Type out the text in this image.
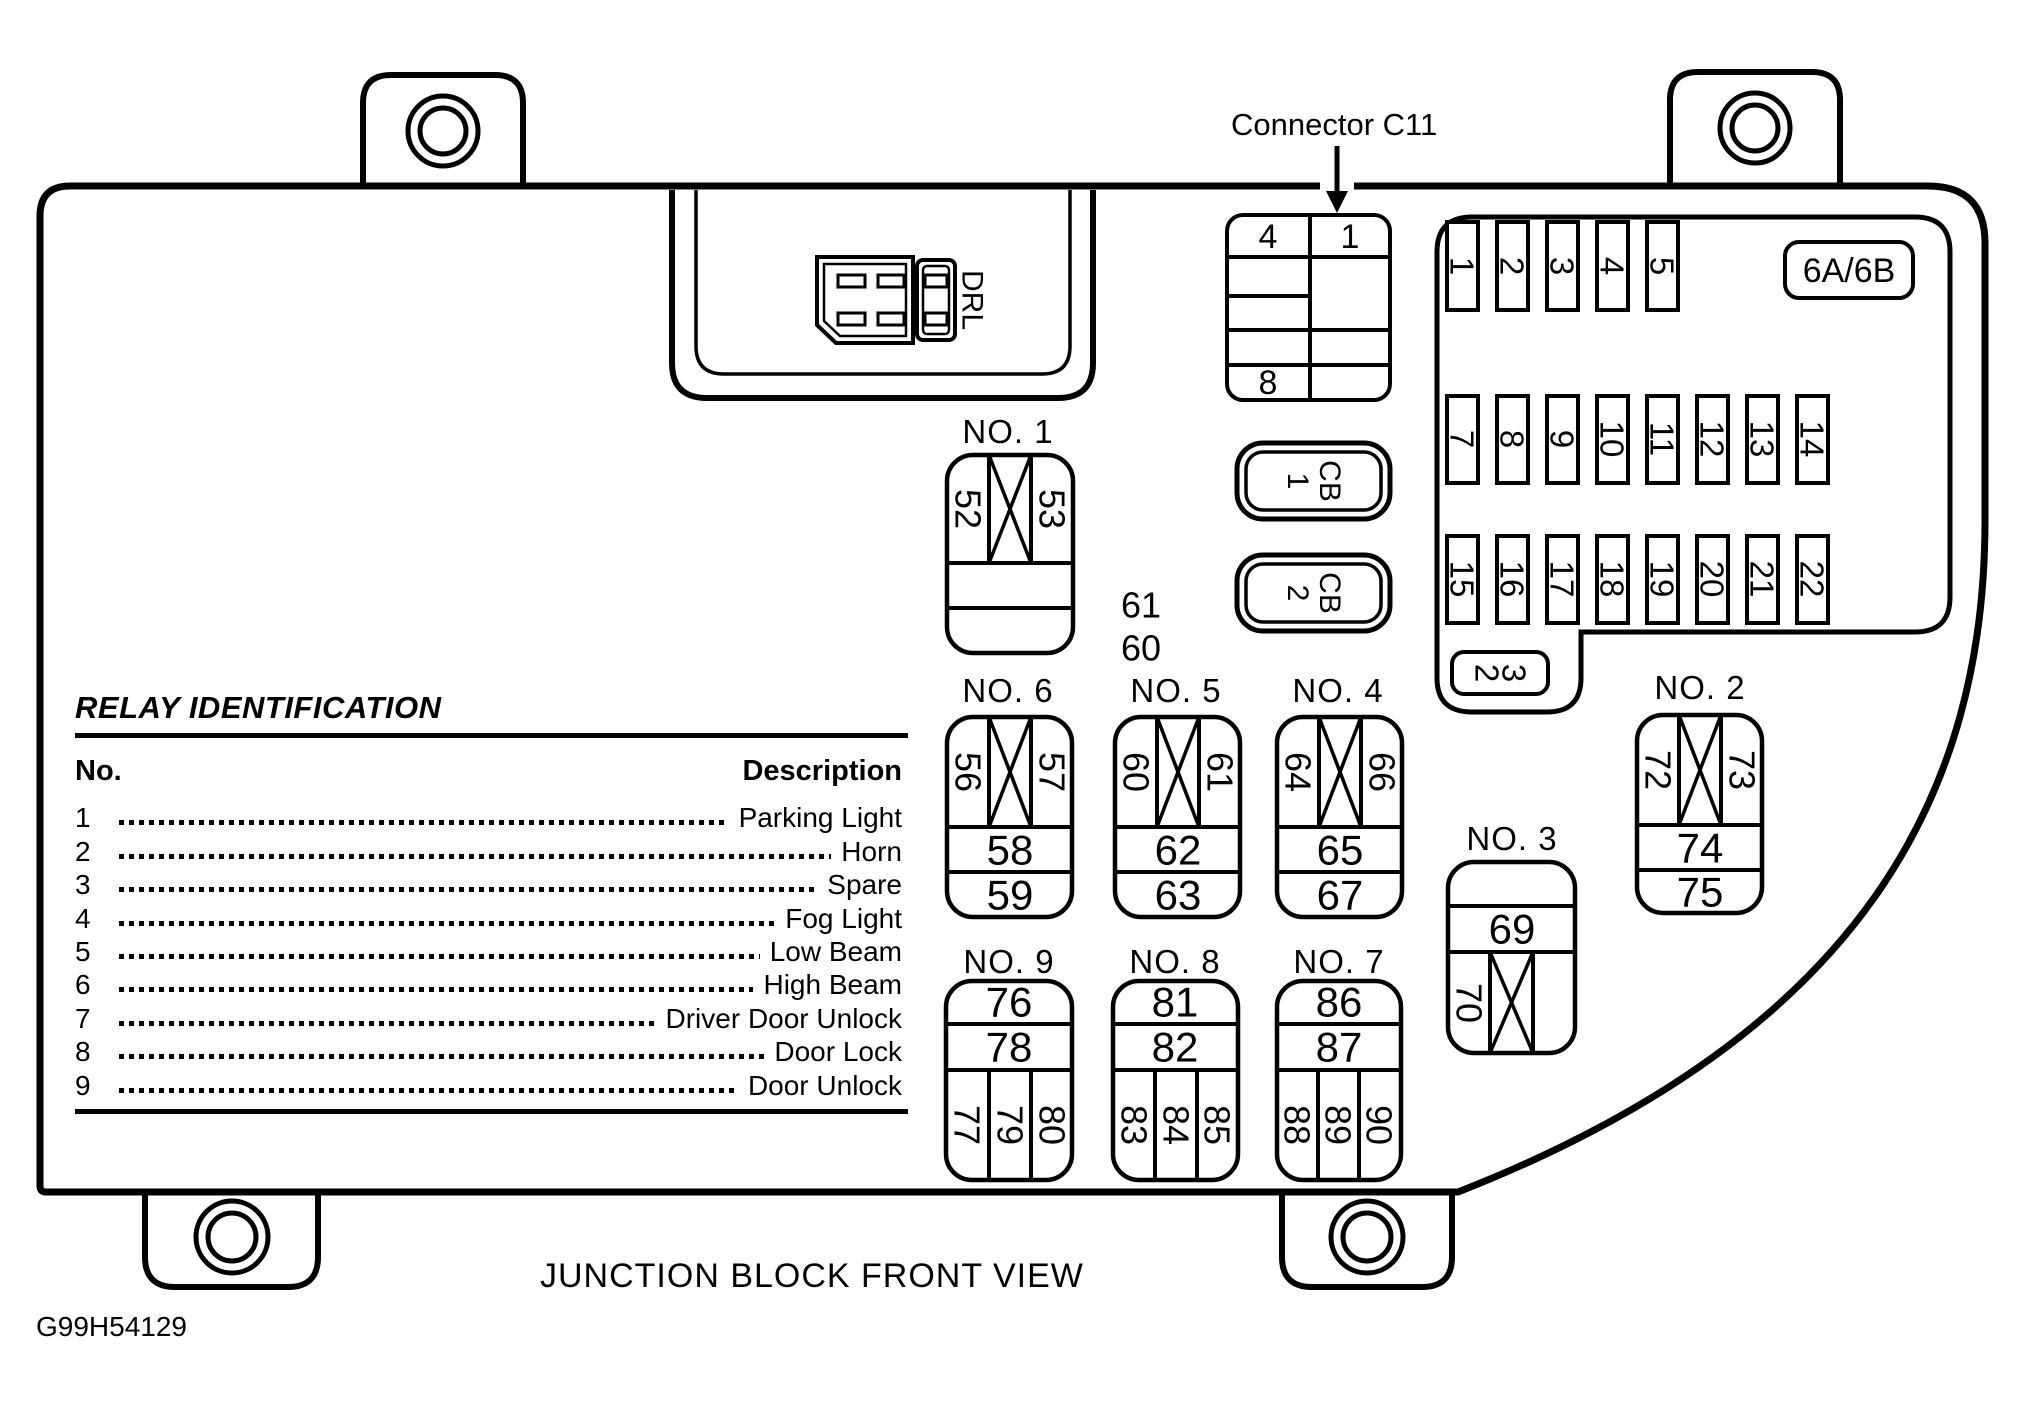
DRL
4 1
8
Connector C11
1 2 3 4 5	6A/6B
7 8 9 10 11 12 13 14
15 16 17 18 19 20 21 22
2
3
CB
1
CB
2
61
60
NO. 1
52 53
NO. 6
56 57
58
59
NO. 5
60 61
62
63
NO. 4
64 66
65
67
NO. 2
72 73
74
75
NO. 3
69
70
NO. 9
76
78
77 79 80
NO. 8
81
82
83 84 85
NO. 7
86
87
88 89 90
RELAY IDENTIFICATION
No.	Description
1	Parking Light
2	Horn
3	Spare
4	Fog Light
5	Low Beam
6	High Beam
7	Driver Door Unlock
8	Door Lock
9	Door Unlock
JUNCTION BLOCK FRONT VIEW
G99H54129
